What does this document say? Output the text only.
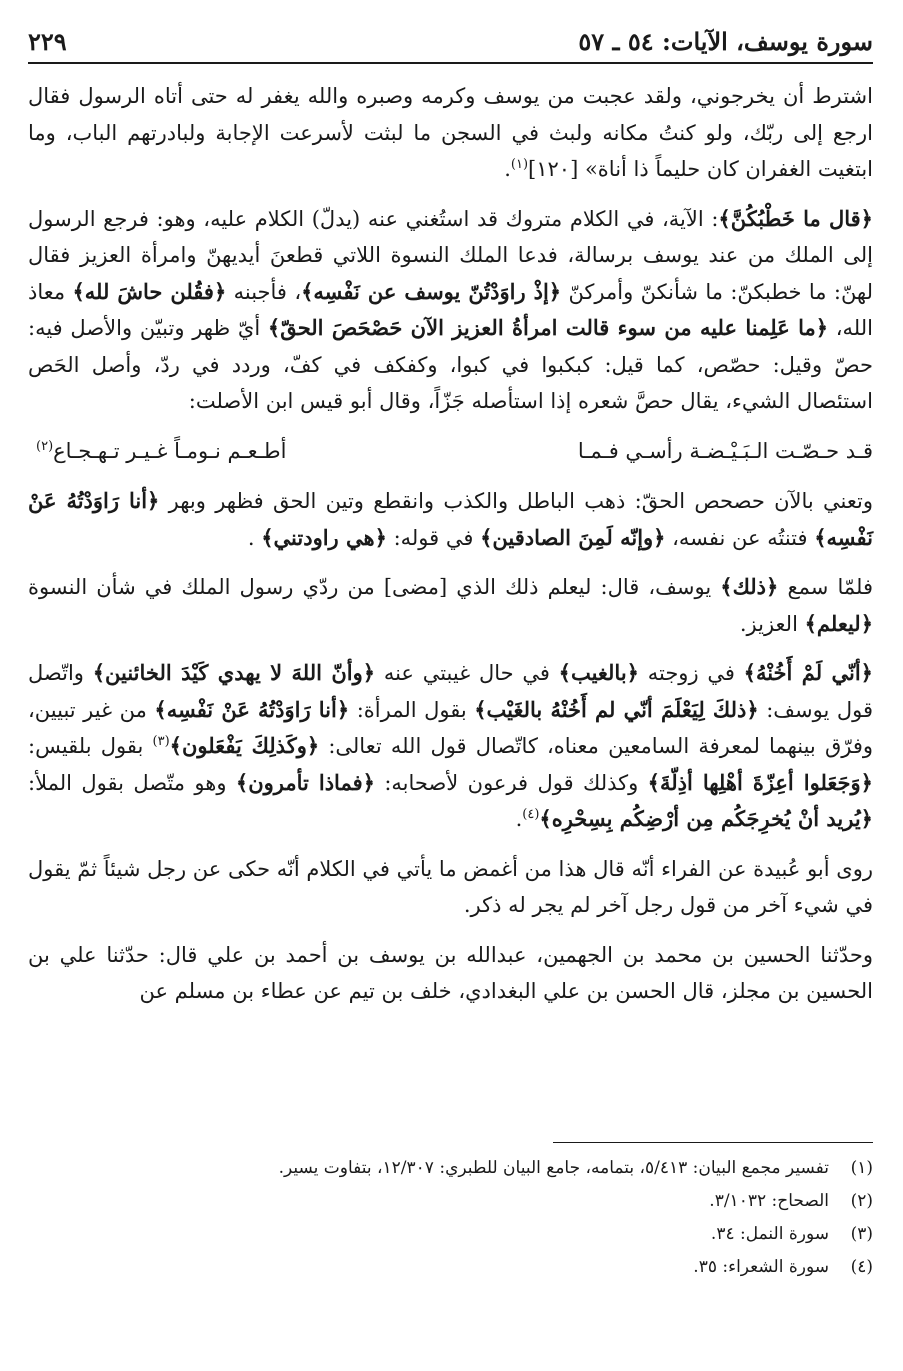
سورة يوسف، الآيات: ٥٤ ـ ٥٧
٢٢٩

اشترط أن يخرجوني، ولقد عجبت من يوسف وكرمه وصبره والله يغفر له حتى أتاه الرسول فقال ارجع إلى ربّك، ولو كنتُ مكانه ولبث في السجن ما لبثت لأسرعت الإجابة ولبادرتهم الباب، وما ابتغيت الغفران كان حليماً ذا أناة» [١٢٠]$^{(١)}$.

﴿قال ما خَطْبُكُنَّ﴾: الآية، في الكلام متروك قد استُغني عنه (يدلّ) الكلام عليه، وهو: فرجع الرسول إلى الملك من عند يوسف برسالة، فدعا الملك النسوة اللاتي قطعنَ أيديهنّ وامرأة العزيز فقال لهنّ: ما خطبكنّ: ما شأنكنّ وأمركنّ ﴿إذْ راوَدْتُنّ يوسف عن نَفْسِه﴾، فأجبنه ﴿فقُلن حاشَ لله﴾ معاذ الله، ﴿ما عَلِمنا عليه من سوء قالت امرأةُ العزيز الآن حَصْحَصَ الحقّ﴾ أيّ ظهر وتبيّن والأصل فيه: حصّ وقيل: حصّص، كما قيل: كبكبوا في كبوا، وكفكف في كفّ، وردد في ردّ، وأصل الحَص استئصال الشيء، يقال حصَّ شعره إذا استأصله جَزّاً، وقال أبو قيس ابن الأصلت:

قـد حـصّـت الـبَـيْـضـة رأسـي فـمـا
أطـعـم نـومـاً غـيـر تـهـجـاع$^{(٢)}$

وتعني بالآن حصحص الحقّ: ذهب الباطل والكذب وانقطع وتين الحق فظهر وبهر ﴿أنا رَاوَدْتُهُ عَنْ نَفْسِه﴾ فتنتُه عن نفسه، ﴿وإنّه لَمِنَ الصادقين﴾ في قوله: ﴿هي راودتني﴾ .

فلمّا سمع ﴿ذلك﴾ يوسف، قال: ليعلم ذلك الذي [مضى] من ردّي رسول الملك في شأن النسوة ﴿ليعلم﴾ العزيز.

﴿أنّي لَمْ أَخُنْهُ﴾ في زوجته ﴿بالغيب﴾ في حال غيبتي عنه ﴿وأنّ اللهَ لا يهدي كَيْدَ الخائنين﴾ واتّصل قول يوسف: ﴿ذلكَ لِيَعْلَمَ أنّي لم أَخُنْهُ بالغَيْب﴾ بقول المرأة: ﴿أنا رَاوَدْتُهُ عَنْ نَفْسِه﴾ من غير تبيين، وفرّق بينهما لمعرفة السامعين معناه، كاتّصال قول الله تعالى: ﴿وكَذلِكَ يَفْعَلون﴾$^{(٣)}$ بقول بلقيس: ﴿وَجَعَلوا أعِزّةَ أهْلِها أذِلّةَ﴾ وكذلك قول فرعون لأصحابه: ﴿فماذا تأمرون﴾ وهو متّصل بقول الملأ: ﴿يُريد أنْ يُخرِجَكُم مِن أرْضِكُم بِسِحْرِه﴾$^{(٤)}$.

روى أبو عُبيدة عن الفراء أنّه قال هذا من أغمض ما يأتي في الكلام أنّه حكى عن رجل شيئاً ثمّ يقول في شيء آخر من قول رجل آخر لم يجر له ذكر.

وحدّثنا الحسين بن محمد بن الجهمين، عبدالله بن يوسف بن أحمد بن علي قال: حدّثنا علي بن الحسين بن مجلز، قال الحسن بن علي البغدادي، خلف بن تيم عن عطاء بن مسلم عن

(١)
تفسير مجمع البيان: ٥/٤١٣، بتمامه، جامع البيان للطبري: ١٢/٣٠٧، بتفاوت يسير.
(٢)
الصحاح: ٣/١٠٣٢.
(٣)
سورة النمل: ٣٤.
(٤)
سورة الشعراء: ٣٥.
